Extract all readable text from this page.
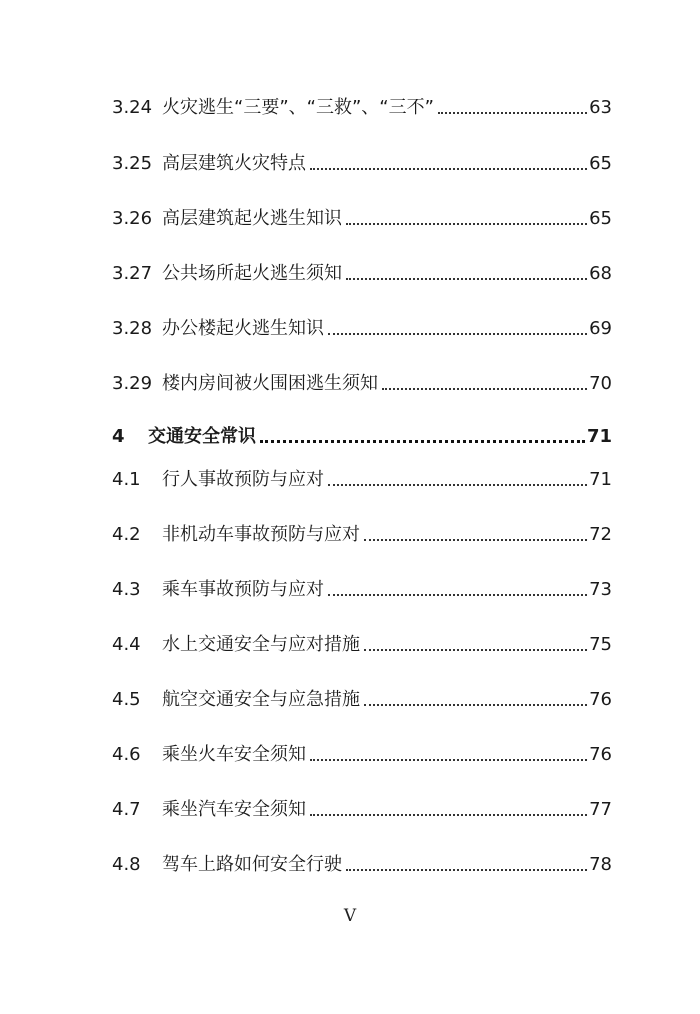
3.24 火灾逃生“三要”、“三救”、“三不”	63
3.25 高层建筑火灾特点	65
3.26 高层建筑起火逃生知识	65
3.27 公共场所起火逃生须知	68
3.28 办公楼起火逃生知识	69
3.29 楼内房间被火围困逃生须知	70
4	交通安全常识	71
4.1	行人事故预防与应对	71
4.2	非机动车事故预防与应对	72
4.3	乘车事故预防与应对	73
4.4	水上交通安全与应对措施	75
4.5	航空交通安全与应急措施	76
4.6	乘坐火车安全须知	76
4.7	乘坐汽车安全须知	77
4.8	驾车上路如何安全行驶	78
V
